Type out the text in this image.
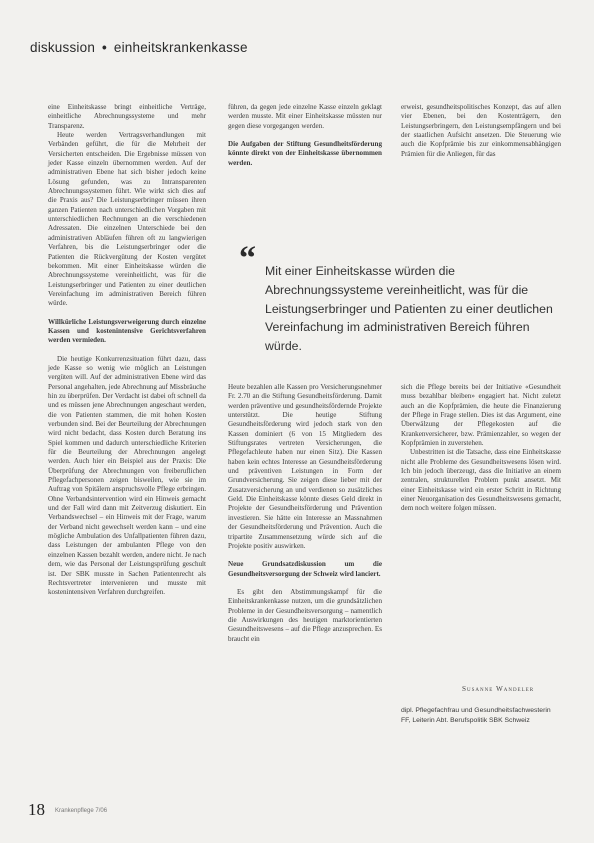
diskussion • einheitskrankenkasse

eine Einheitskasse bringt einheitliche Verträge, einheitliche Abrechnungssysteme und mehr Transparenz.

Heute werden Vertragsverhandlungen mit Verbänden geführt, die für die Mehrheit der Versicherten entscheiden. Die Ergebnisse müssen von jeder Kasse einzeln übernommen werden. Auf der administrativen Ebene hat sich bisher jedoch keine Lösung gefunden, was zu Intransparenten Abrechnungssystemen führt. Wie wirkt sich dies auf die Praxis aus? Die Leistungserbringer müssen ihren ganzen Patienten nach unterschiedlichen Vorgaben mit unterschiedlichen Rechnungen an die verschiedenen Adressaten. Die einzelnen Unterschiede bei den administrativen Abläufen führen oft zu langwierigen Verfahren, bis die Leistungserbringer oder die Patienten die Rückvergütung der Kosten vergütet bekommen. Mit einer Einheitskasse würden die Abrechnungssysteme vereinheitlicht, was für die Leistungserbringer und Patienten zu einer deutlichen Vereinfachung im administrativen Bereich führen würde.

Willkürliche Leistungsverweigerung durch einzelne Kassen und kostenintensive Gerichtsverfahren werden vermieden.

Die heutige Konkurrenzsituation führt dazu, dass jede Kasse so wenig wie möglich an Leistungen vergüten will. Auf der administrativen Ebene wird das Personal angehalten, jede Abrechnung auf Missbräuche hin zu überprüfen. Der Verdacht ist dabei oft schnell da und es müssen jene Abrechnungen angeschaut werden, die von Patienten stammen, die mit hohen Kosten verbunden sind. Bei der Beurteilung der Abrechnungen wird nicht bedacht, dass Kosten durch Beratung ins Spiel kommen und dadurch unterschiedliche Kriterien für die Beurteilung der Abrechnungen angelegt werden. Auch hier ein Beispiel aus der Praxis: Die Überprüfung der Abrechnungen von freiberuflichen Pflegefachpersonen zeigen bisweilen, wie sie im Auftrag von Spitälern anspruchsvolle Pflege erbringen. Ohne Verbandsintervention wird ein Hinweis gemacht und der Fall wird dann mit Zeitverzug diskutiert. Ein Verbandswechsel – ein Hinweis mit der Frage, warum der Verband nicht gewechselt werden kann – und eine mögliche Ambulation des Unfallpatienten führen dazu, dass Leistungen der ambulanten Pflege von den einzelnen Kassen bezahlt werden, andere nicht. Je nach dem, wie das Personal der Leistungsprüfung geschult ist. Der SBK musste in Sachen Patientenrecht als Rechtsvertreter intervenieren und musste mit kostenintensiven Verfahren durchgreifen.

führen, da gegen jede einzelne Kasse einzeln geklagt werden musste. Mit einer Einheitskasse müssten nur gegen diese vorgegangen werden.

Die Aufgaben der Stiftung Gesundheitsförderung könnte direkt von der Einheitskasse übernommen werden.

erweist, gesundheitspolitisches Konzept, das auf allen vier Ebenen, bei den Kostenträgern, den Leistungserbringern, den Leistungsempfängern und bei der staatlichen Aufsicht ansetzen. Die Steuerung wie auch die Kopfprämie bis zur einkommensabhängigen Prämien für die Anliegen, für das

“ Mit einer Einheitskasse würden die Abrechnungssysteme vereinheitlicht, was für die Leistungserbringer und Patienten zu einer deutlichen Vereinfachung im administrativen Bereich führen würde.

Heute bezahlen alle Kassen pro Versicherungsnehmer Fr. 2.70 an die Stiftung Gesundheitsförderung. Damit werden präventive und gesundheitsfördernde Projekte unterstützt. Die heutige Stiftung Gesundheitsförderung wird jedoch stark von den Kassen dominiert (6 von 15 Mitgliedern des Stiftungsrates vertreten Versicherungen, die Pflegefachleute haben nur einen Sitz). Die Kassen haben kein echtes Interesse an Gesundheitsförderung und präventiven Leistungen in Form der Grundversicherung. Sie zeigen diese lieber mit der Zusatzversicherung an und verdienen so zusätzliches Geld. Die Einheitskasse könnte dieses Geld direkt in Projekte der Gesundheitsförderung und Prävention investieren. Sie hätte ein Interesse an Massnahmen der Gesundheitsförderung und Prävention. Auch die tripartite Zusammensetzung würde sich auf die Projekte positiv auswirken.

Neue Grundsatzdiskussion um die Gesundheitsversorgung der Schweiz wird lanciert.

Es gibt den Abstimmungskampf für die Einheitskrankenkasse nutzen, um die grundsätzlichen Probleme in der Gesundheitsversorgung – namentlich die Auswirkungen des heutigen marktorientierten Gesundheitswesens – auf die Pflege anzusprechen. Es braucht ein

sich die Pflege bereits bei der Initiative «Gesundheit muss bezahlbar bleiben» engagiert hat. Nicht zuletzt auch an die Kopfprämien, die heute die Finanzierung der Pflege in Frage stellen. Dies ist das Argument, eine Überwälzung der Pflegekosten auf die Krankenversicherer, bzw. Prämienzahler, so wegen der Kopfprämien in zuverstehen.

Unbestritten ist die Tatsache, dass eine Einheitskasse nicht alle Probleme des Gesundheitswesens lösen wird. Ich bin jedoch überzeugt, dass die Initiative an einem zentralen, strukturellen Problem punkt ansetzt. Mit einer Einheitskasse wird ein erster Schritt in Richtung einer Neuorganisation des Gesundheitswesens gemacht, dem noch weitere folgen müssen.

Susanne Wandeler
dipl. Pflegefachfrau und Gesundheitsfachwesterin FF, Leiterin Abt. Berufspolitik SBK Schweiz
18 Krankenpflege 7/06
